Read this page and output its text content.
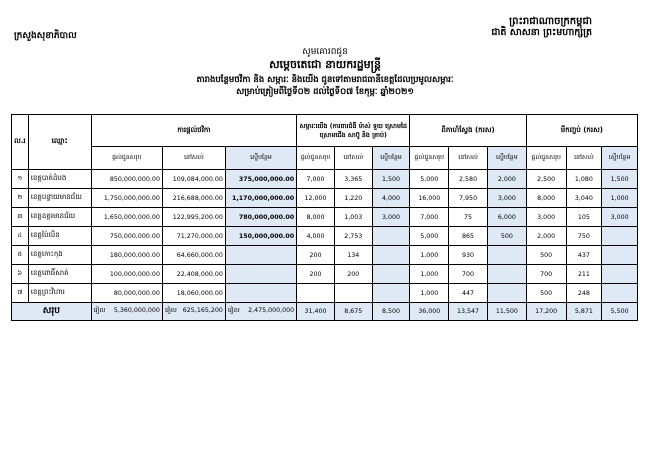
ព្រះរាជាណាចក្រកម្ពុជា
ជាតិ សាសនា ព្រះមហាក្សត្រ
ក្រសួងសុខាភិបាល
សូមគោរពជូន
សម្តេចតេជោ នាយករដ្ឋមន្ត្រី
តារាងបន្ថែមថវិកា និង សម្ភារៈ និងយើង ជូនទៅតាមរាជធានីខេត្តដែលប្រមូលសម្ភារៈ
សម្រាប់ត្រៀមពីថ្ងៃទី០២ ដល់ថ្ងៃទី០៧ ខែកុម្ភៈ ឆ្នាំ២០២១
ល.រ	ឈ្មោះ	ការផ្តល់ថវិកា			សម្ភារៈយើង (ការពារជំងឺ ម៉ាស់ ទួយ ស្រោមដៃ ស្រោមជើង សាប៊ូ និង គ្រាប់)			ពិភាហ៍ស្វែង (ករស)			មីកញ្ជប់ (ករស)		
		ផ្តល់ជូនសរុប	នៅសល់	ស្នើបន្ថែម	ផ្តល់ជូនសរុប	នៅសល់	ស្នើបន្ថែម	ផ្តល់ជូនសរុប	នៅសល់	ស្នើបន្ថែម	ផ្តល់ជូនសរុប	នៅសល់	ស្នើបន្ថែម
១	ខេត្តបាត់ដំបង	850,000,000.00	109,084,000.00	375,000,000.00	7,000	3,365	1,500	5,000	2,580	2,000	2,500	1,080	1,500
២	ខេត្តបន្ទាយមានជ័យ	1,750,000,000.00	216,688,000.00	1,170,000,000.00	12,000	1,220	4,000	16,000	7,950	3,000	8,000	3,040	1,000
៣	ខេត្តឧត្តរមានជ័យ	1,650,000,000.00	122,995,200.00	780,000,000.00	8,000	1,003	3,000	7,000	75	6,000	3,000	105	3,000
៤	ខេត្តប៉ៃលិន	750,000,000.00	71,270,000.00	150,000,000.00	4,000	2,753		5,000	865	500	2,000	750	
៥	ខេត្តកោះកុង	180,000,000.00	64,660,000.00		200	134		1,000	930		500	437	
៦	ខេត្តពោធិ៍សាត់	100,000,000.00	22,408,000.00		200	200		1,000	700		700	211	
៧	ខេត្តព្រះវិហារ	80,000,000.00	18,060,000.00					1,000	447		500	248	
សរុប		រៀល 5,360,000,000	រៀល 625,165,200	រៀល 2,475,000,000	31,400	8,675	8,500	36,000	13,547	11,500	17,200	5,871	5,500
